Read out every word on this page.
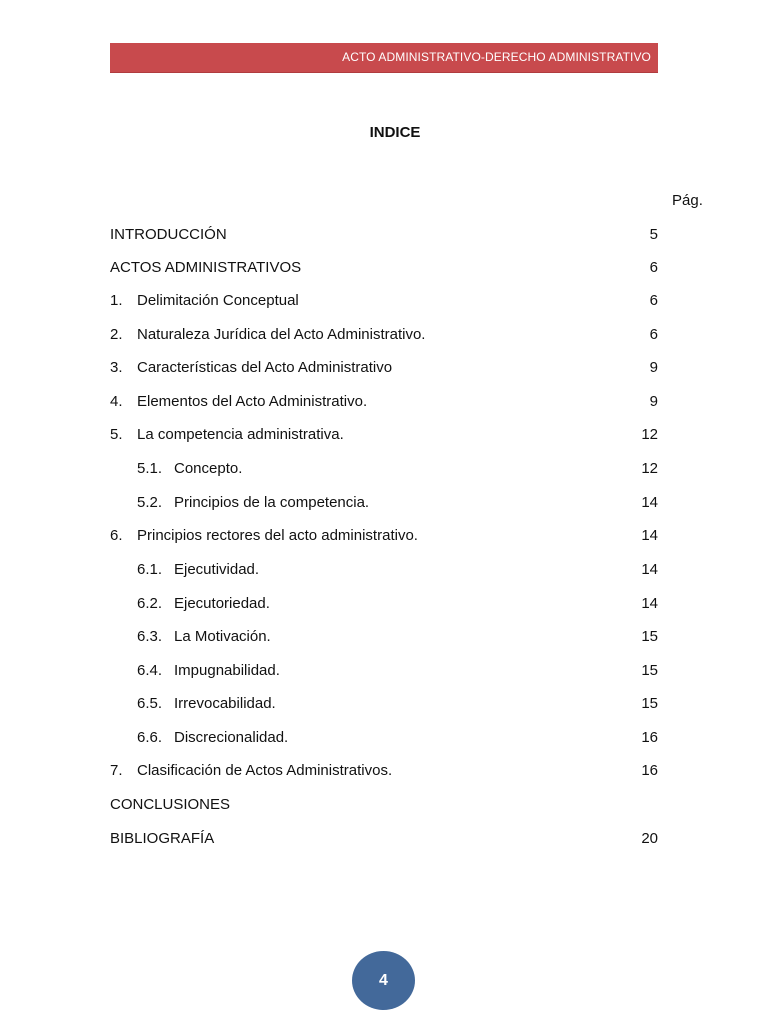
ACTO ADMINISTRATIVO-DERECHO ADMINISTRATIVO
INDICE
Pág.
INTRODUCCIÓN	5
ACTOS ADMINISTRATIVOS	6
1. Delimitación Conceptual	6
2. Naturaleza Jurídica del Acto Administrativo.	6
3. Características del Acto Administrativo	9
4. Elementos del Acto Administrativo.	9
5. La competencia administrativa.	12
5.1. Concepto.	12
5.2. Principios de la competencia.	14
6. Principios rectores del acto administrativo.	14
6.1. Ejecutividad.	14
6.2. Ejecutoriedad.	14
6.3. La Motivación.	15
6.4. Impugnabilidad.	15
6.5. Irrevocabilidad.	15
6.6. Discrecionalidad.	16
7. Clasificación de Actos Administrativos.	16
CONCLUSIONES
BIBLIOGRAFÍA	20
4
